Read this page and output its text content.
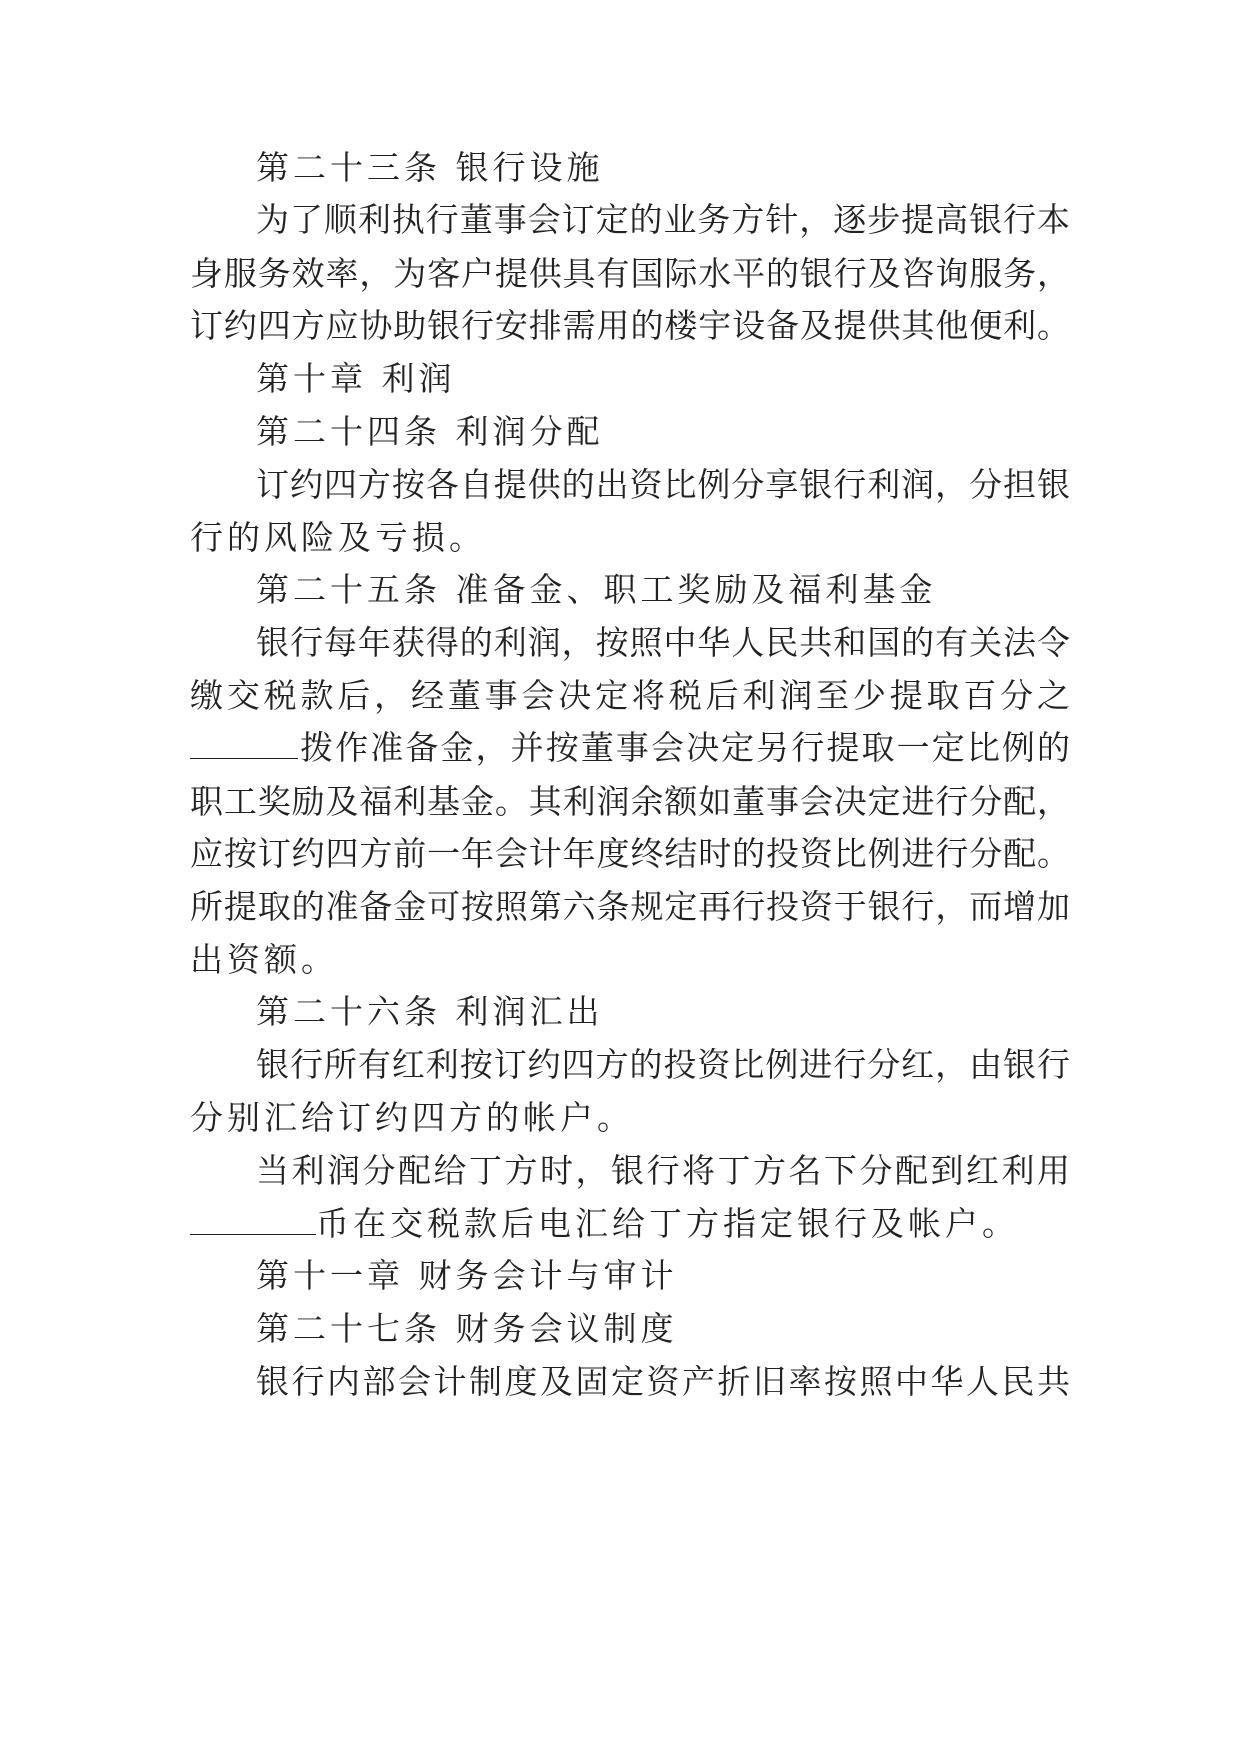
第二十三条 银行设施
为了顺利执行董事会订定的业务方针，逐步提高银行本
身服务效率，为客户提供具有国际水平的银行及咨询服务，
订约四方应协助银行安排需用的楼宇设备及提供其他便利。
第十章 利润
第二十四条 利润分配
订约四方按各自提供的出资比例分享银行利润，分担银
行的风险及亏损。
第二十五条 准备金、职工奖励及福利基金
银行每年获得的利润，按照中华人民共和国的有关法令
缴交税款后，经董事会决定将税后利润至少提取百分之
拨作准备金，并按董事会决定另行提取一定比例的
职工奖励及福利基金。其利润余额如董事会决定进行分配，
应按订约四方前一年会计年度终结时的投资比例进行分配。
所提取的准备金可按照第六条规定再行投资于银行，而增加
出资额。
第二十六条 利润汇出
银行所有红利按订约四方的投资比例进行分红，由银行
分别汇给订约四方的帐户。
当利润分配给丁方时，银行将丁方名下分配到红利用
币在交税款后电汇给丁方指定银行及帐户。
第十一章 财务会计与审计
第二十七条 财务会议制度
银行内部会计制度及固定资产折旧率按照中华人民共
